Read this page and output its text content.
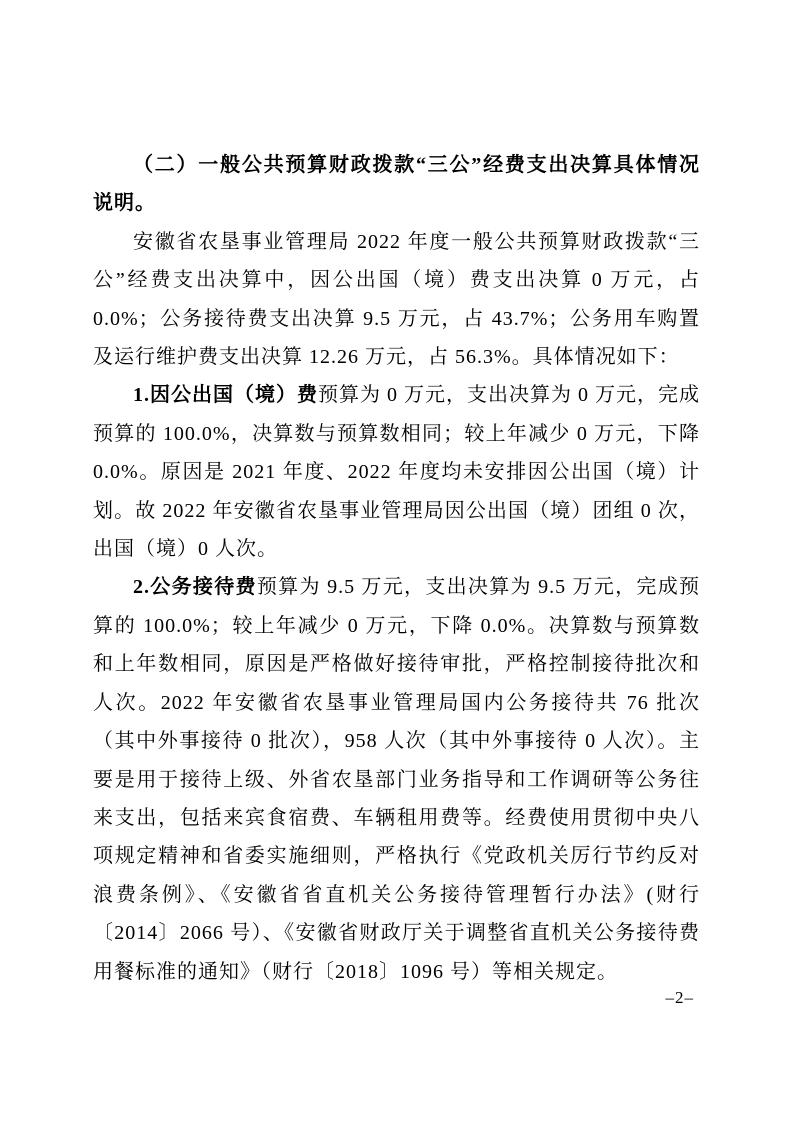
（二）一般公共预算财政拨款“三公”经费支出决算具体情况说明。

安徽省农垦事业管理局 2022 年度一般公共预算财政拨款“三公”经费支出决算中，因公出国（境）费支出决算 0 万元，占 0.0%；公务接待费支出决算 9.5 万元，占 43.7%；公务用车购置及运行维护费支出决算 12.26 万元，占 56.3%。具体情况如下：

1.因公出国（境）费预算为 0 万元，支出决算为 0 万元，完成预算的 100.0%，决算数与预算数相同；较上年减少 0 万元，下降 0.0%。原因是 2021 年度、2022 年度均未安排因公出国（境）计划。故 2022 年安徽省农垦事业管理局因公出国（境）团组 0 次，出国（境）0 人次。

2.公务接待费预算为 9.5 万元，支出决算为 9.5 万元，完成预算的 100.0%；较上年减少 0 万元，下降 0.0%。决算数与预算数和上年数相同，原因是严格做好接待审批，严格控制接待批次和人次。2022 年安徽省农垦事业管理局国内公务接待共 76 批次（其中外事接待 0 批次），958 人次（其中外事接待 0 人次）。主要是用于接待上级、外省农垦部门业务指导和工作调研等公务往来支出，包括来宾食宿费、车辆租用费等。经费使用贯彻中央八项规定精神和省委实施细则，严格执行《党政机关厉行节约反对浪费条例》、《安徽省省直机关公务接待管理暂行办法》(财行〔2014〕2066 号）、《安徽省财政厅关于调整省直机关公务接待费用餐标准的通知》（财行〔2018〕1096 号）等相关规定。

–2–
